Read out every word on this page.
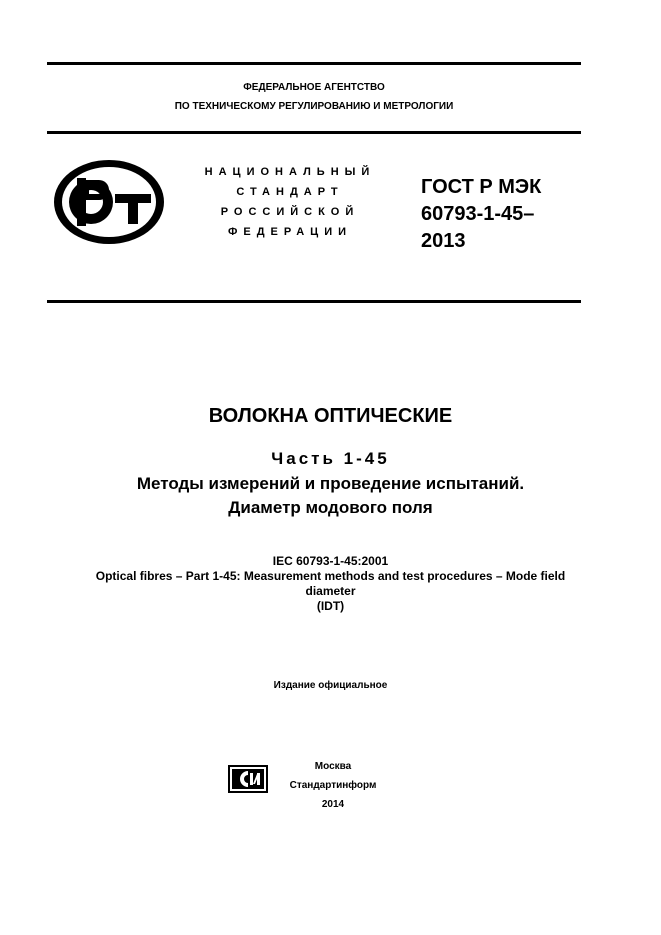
ФЕДЕРАЛЬНОЕ АГЕНТСТВО
ПО ТЕХНИЧЕСКОМУ РЕГУЛИРОВАНИЮ И МЕТРОЛОГИИ
НАЦИОНАЛЬНЫЙ
СТАНДАРТ
РОССИЙСКОЙ
ФЕДЕРАЦИИ
ГОСТ Р МЭК
60793-1-45–
2013
ВОЛОКНА ОПТИЧЕСКИЕ
Часть 1-45
Методы измерений и проведение испытаний.
Диаметр модового поля
IEC 60793-1-45:2001
Optical fibres – Part 1-45: Measurement methods and test procedures – Mode field
diameter
(IDT)
Издание официальное
Москва
Стандартинформ
2014
